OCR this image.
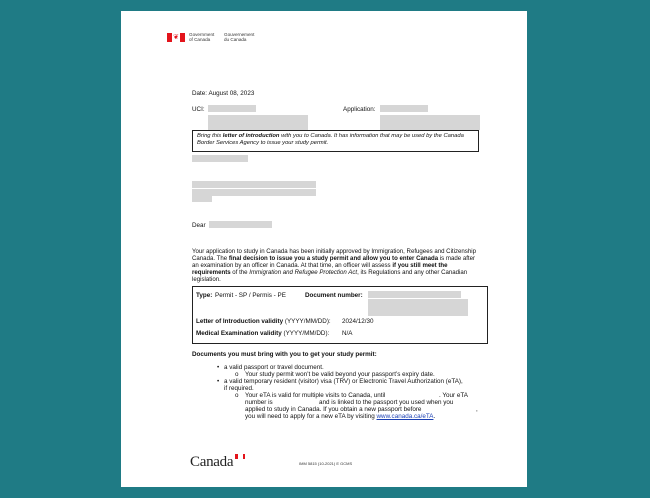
❦ Government
of Canada
Gouvernement
du Canada
Date: August 08, 2023
UCI:	Application:
Bring this letter of introduction with you to Canada. It has information that may be used by the Canada Border Services Agency to issue your study permit.
Dear
Your application to study in Canada has been initially approved by Immigration, Refugees and Citizenship Canada. The final decision to issue you a study permit and allow you to enter Canada is made after an examination by an officer in Canada. At that time, an officer will assess if you still meet the requirements of the Immigration and Refugee Protection Act, its Regulations and any other Canadian legislation.
Type: Permit - SP / Permis - PE	Document number:
Letter of Introduction validity (YYYY/MM/DD): 2024/12/30
Medical Examination validity (YYYY/MM/DD): N/A
Documents you must bring with you to get your study permit:
• a valid passport or travel document.
o Your study permit won’t be valid beyond your passport’s expiry date.
• a valid temporary resident (visitor) visa (TRV) or Electronic Travel Authorization (eTA),
if required.
o Your eTA is valid for multiple visits to Canada, until	. Your eTA
number is	and is linked to the passport you used when you
applied to study in Canada. If you obtain a new passport before	,
you will need to apply for a new eTA by visiting www.canada.ca/eTA.
Canada	IMM 5815 (10-2021) E GCMS
